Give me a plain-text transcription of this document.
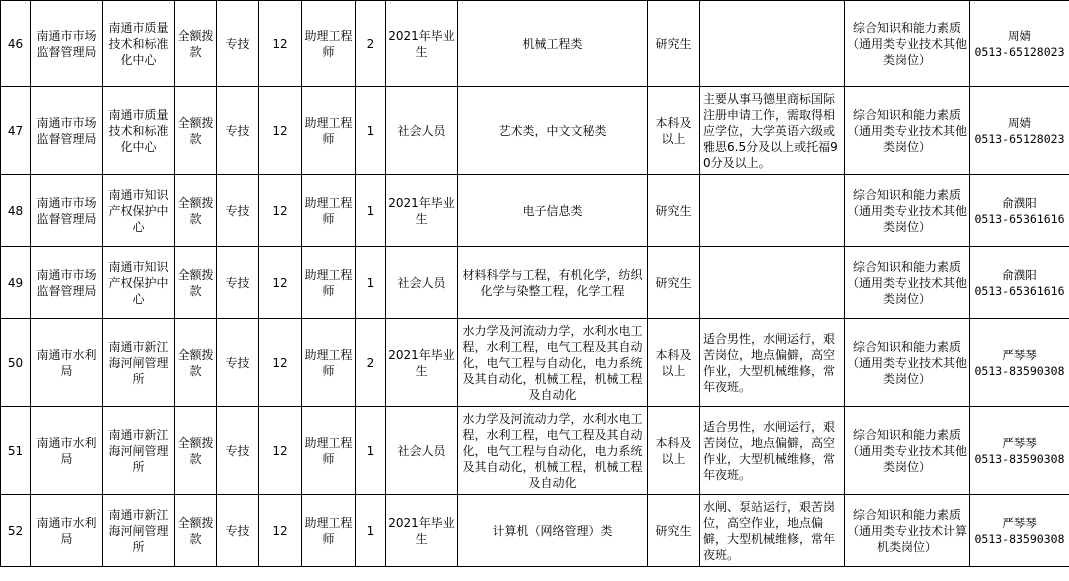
46	南通市市场监督管理局	南通市质量技术和标准化中心	全额拨款	专技	12	助理工程师	2	2021年毕业生	机械工程类	研究生		综合知识和能力素质（通用类专业技术其他类岗位）	周婧
0513-65128023

47	南通市市场监督管理局	南通市质量技术和标准化中心	全额拨款	专技	12	助理工程师	1	社会人员	艺术类，中文文秘类	本科及以上	主要从事马德里商标国际注册申请工作，需取得相应学位，大学英语六级或雅思6.5分及以上或托福90分及以上。	综合知识和能力素质（通用类专业技术其他类岗位）	周婧
0513-65128023

48	南通市市场监督管理局	南通市知识产权保护中心	全额拨款	专技	12	助理工程师	1	2021年毕业生	电子信息类	研究生		综合知识和能力素质（通用类专业技术其他类岗位）	俞濮阳
0513-65361616

49	南通市市场监督管理局	南通市知识产权保护中心	全额拨款	专技	12	助理工程师	1	社会人员	材料科学与工程，有机化学，纺织化学与染整工程，化学工程	研究生		综合知识和能力素质（通用类专业技术其他类岗位）	俞濮阳
0513-65361616

50	南通市水利局	南通市新江海河闸管理所	全额拨款	专技	12	助理工程师	2	2021年毕业生	水力学及河流动力学，水利水电工程，水利工程，电气工程及其自动化，电气工程与自动化，电力系统及其自动化，机械工程，机械工程及自动化	本科及以上	适合男性，水闸运行，艰苦岗位，地点偏僻，高空作业，大型机械维修，常年夜班。	综合知识和能力素质（通用类专业技术其他类岗位）	严琴琴
0513-83590308

51	南通市水利局	南通市新江海河闸管理所	全额拨款	专技	12	助理工程师	1	社会人员	水力学及河流动力学，水利水电工程，水利工程，电气工程及其自动化，电气工程与自动化，电力系统及其自动化，机械工程，机械工程及自动化	本科及以上	适合男性，水闸运行，艰苦岗位，地点偏僻，高空作业，大型机械维修，常年夜班。	综合知识和能力素质（通用类专业技术其他类岗位）	严琴琴
0513-83590308

52	南通市水利局	南通市新江海河闸管理所	全额拨款	专技	12	助理工程师	1	2021年毕业生	计算机（网络管理）类	研究生	水闸、泵站运行，艰苦岗位，高空作业，地点偏僻，大型机械维修，常年夜班。	综合知识和能力素质（通用类专业技术计算机类岗位）	严琴琴
0513-83590308
